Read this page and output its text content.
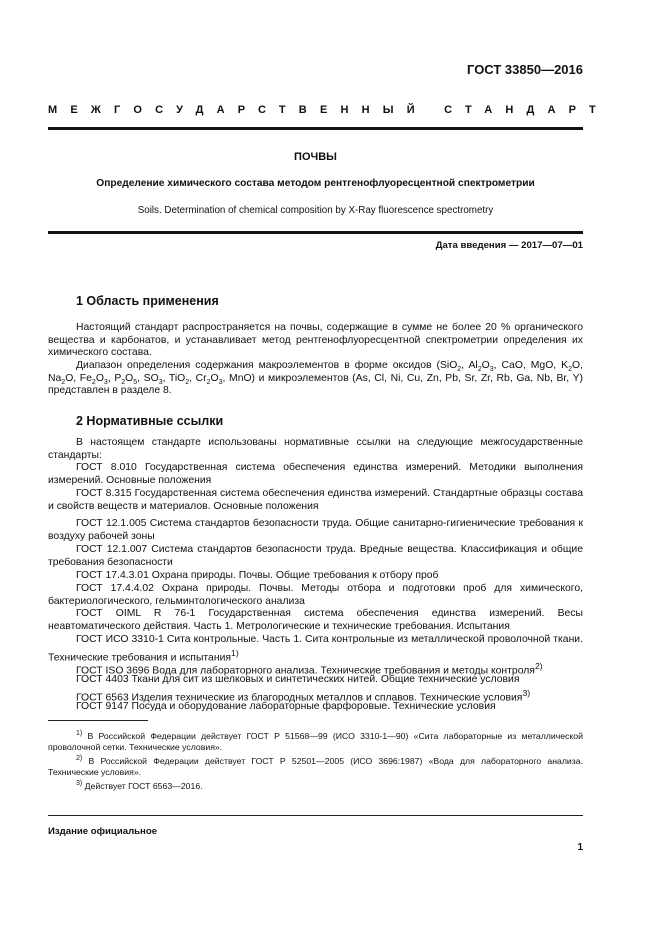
ГОСТ 33850—2016
МЕЖГОСУДАРСТВЕННЫЙ СТАНДАРТ
ПОЧВЫ
Определение химического состава методом рентгенофлуоресцентной спектрометрии
Soils. Determination of chemical composition by X-Ray fluorescence spectrometry
Дата введения — 2017—07—01
1 Область применения
Настоящий стандарт распространяется на почвы, содержащие в сумме не более 20 % органического вещества и карбонатов, и устанавливает метод рентгенофлуоресцентной спектрометрии определения их химического состава.
Диапазон определения содержания макроэлементов в форме оксидов (SiO$_2$, $Al_2O_3$, CaO, MgO, $K_2O$, $Na_2O$, $Fe_2O_3$, $P_2O_5$, $SO_3$, TiO$_2$, $Cr_2O_3$, MnO) и микроэлементов (As, Cl, Ni, Cu, Zn, Pb, Sr, Zr, Rb, Ga, Nb, Br, Y) представлен в разделе 8.
2 Нормативные ссылки
В настоящем стандарте использованы нормативные ссылки на следующие межгосударственные стандарты:
ГОСТ 8.010 Государственная система обеспечения единства измерений. Методики выполнения измерений. Основные положения
ГОСТ 8.315 Государственная система обеспечения единства измерений. Стандартные образцы состава и свойств веществ и материалов. Основные положения
ГОСТ 12.1.005 Система стандартов безопасности труда. Общие санитарно-гигиенические требования к воздуху рабочей зоны
ГОСТ 12.1.007 Система стандартов безопасности труда. Вредные вещества. Классификация и общие требования безопасности
ГОСТ 17.4.3.01 Охрана природы. Почвы. Общие требования к отбору проб
ГОСТ 17.4.4.02 Охрана природы. Почвы. Методы отбора и подготовки проб для химического, бактериологического, гельминтологического анализа
ГОСТ OIML R 76-1 Государственная система обеспечения единства измерений. Весы неавтоматического действия. Часть 1. Метрологические и технические требования. Испытания
ГОСТ ИСО 3310-1 Сита контрольные. Часть 1. Сита контрольные из металлической проволочной ткани. Технические требования и испытания$^{1)}$
ГОСТ ISO 3696 Вода для лабораторного анализа. Технические требования и методы контроля$^{2)}$
ГОСТ 4403 Ткани для сит из шелковых и синтетических нитей. Общие технические условия
ГОСТ 6563 Изделия технические из благородных металлов и сплавов. Технические условия$^{3)}$
ГОСТ 9147 Посуда и оборудование лабораторные фарфоровые. Технические условия
$^{1)}$ В Российской Федерации действует ГОСТ Р 51568—99 (ИСО 3310-1—90) «Сита лабораторные из металлической проволочной сетки. Технические условия».
$^{2)}$ В Российской Федерации действует ГОСТ Р 52501—2005 (ИСО 3696:1987) «Вода для лабораторного анализа. Технические условия».
$^{3)}$ Действует ГОСТ 6563—2016.
Издание официальное
1
